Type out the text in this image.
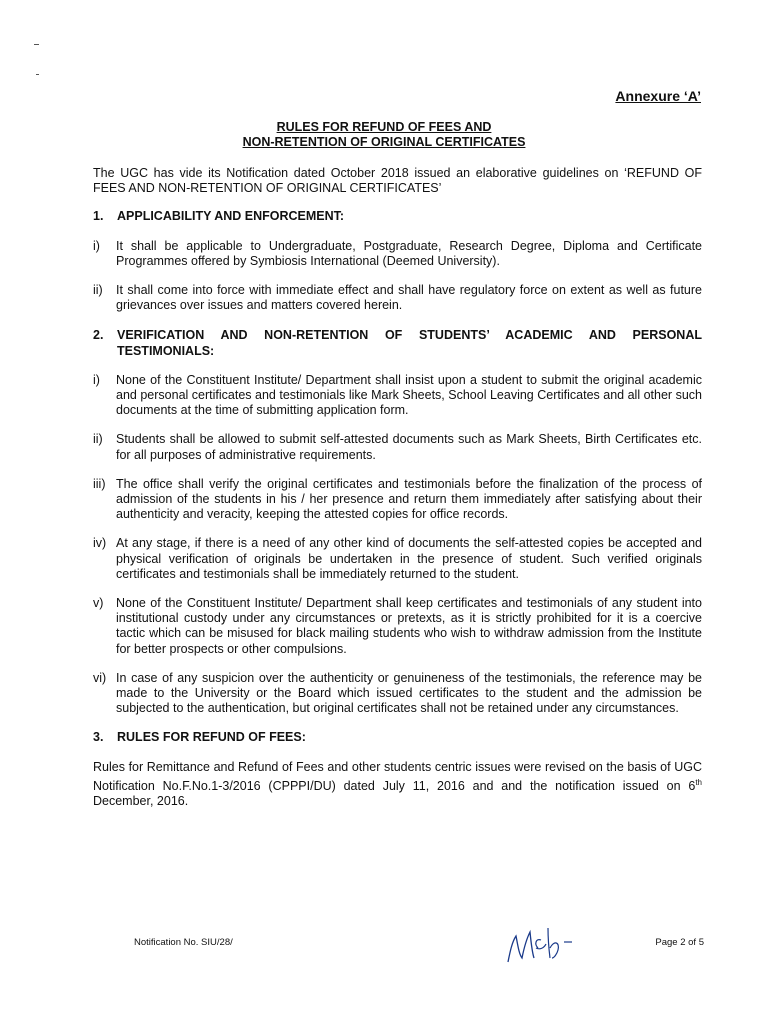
Annexure ‘A’
RULES FOR REFUND OF FEES AND
NON-RETENTION OF ORIGINAL CERTIFICATES

The UGC has vide its Notification dated October 2018 issued an elaborative guidelines on ‘REFUND OF FEES AND NON-RETENTION OF ORIGINAL CERTIFICATES’

1.	APPLICABILITY AND ENFORCEMENT:
i)	It shall be applicable to Undergraduate, Postgraduate, Research Degree, Diploma and Certificate Programmes offered by Symbiosis International (Deemed University).
ii)	It shall come into force with immediate effect and shall have regulatory force on extent as well as future grievances over issues and matters covered herein.
2.	VERIFICATION AND NON-RETENTION OF STUDENTS’ ACADEMIC AND PERSONAL TESTIMONIALS:
i)	None of the Constituent Institute/ Department shall insist upon a student to submit the original academic and personal certificates and testimonials like Mark Sheets, School Leaving Certificates and all other such documents at the time of submitting application form.
ii)	Students shall be allowed to submit self-attested documents such as Mark Sheets, Birth Certificates etc. for all purposes of administrative requirements.
iii) The office shall verify the original certificates and testimonials before the finalization of the process of admission of the students in his / her presence and return them immediately after satisfying about their authenticity and veracity, keeping the attested copies for office records.
iv) At any stage, if there is a need of any other kind of documents the self-attested copies be accepted and physical verification of originals be undertaken in the presence of student. Such verified originals certificates and testimonials shall be immediately returned to the student.
v)	None of the Constituent Institute/ Department shall keep certificates and testimonials of any student into institutional custody under any circumstances or pretexts, as it is strictly prohibited for it is a coercive tactic which can be misused for black mailing students who wish to withdraw admission from the Institute for better prospects or other compulsions.
vi) In case of any suspicion over the authenticity or genuineness of the testimonials, the reference may be made to the University or the Board which issued certificates to the student and the admission be subjected to the authentication, but original certificates shall not be retained under any circumstances.
3.	RULES FOR REFUND OF FEES:

Rules for Remittance and Refund of Fees and other students centric issues were revised on the basis of UGC Notification No.F.No.1-3/2016 (CPPPI/DU) dated July 11, 2016 and and the notification issued on 6th December, 2016.

Notification No. SIU/28/	Page 2 of 5
